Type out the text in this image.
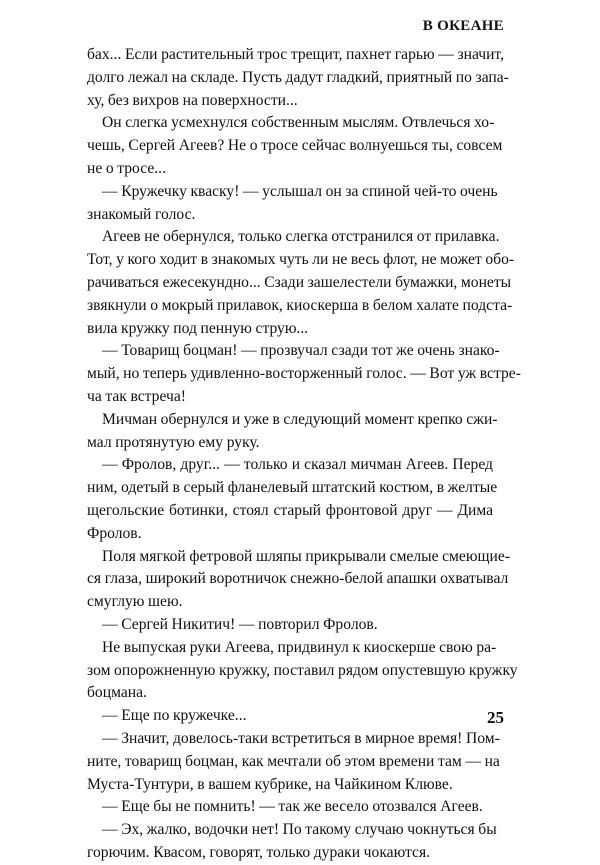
В ОКЕАНЕ
бах... Если растительный трос трещит, пахнет гарью — значит,
долго лежал на складе. Пусть дадут гладкий, приятный по запа-
ху, без вихров на поверхности...
Он слегка усмехнулся собственным мыслям. Отвлечься хо-
чешь, Сергей Агеев? Не о тросе сейчас волнуешься ты, совсем
не о тросе...
— Кружечку кваску! — услышал он за спиной чей-то очень
знакомый голос.
Агеев не обернулся, только слегка отстранился от прилавка.
Тот, у кого ходит в знакомых чуть ли не весь флот, не может обо-
рачиваться ежесекундно... Сзади зашелестели бумажки, монеты
звякнули о мокрый прилавок, киоскерша в белом халате подста-
вила кружку под пенную струю...
— Товарищ боцман! — прозвучал сзади тот же очень знако-
мый, но теперь удивленно-восторженный голос. — Вот уж встре-
ча так встреча!
Мичман обернулся и уже в следующий момент крепко сжи-
мал протянутую ему руку.
— Фролов, друг... — только и сказал мичман Агеев. Перед
ним, одетый в серый фланелевый штатский костюм, в желтые
щегольские ботинки, стоял старый фронтовой друг — Дима
Фролов.
Поля мягкой фетровой шляпы прикрывали смелые смеющие-
ся глаза, широкий воротничок снежно-белой апашки охватывал
смуглую шею.
— Сергей Никитич! — повторил Фролов.
Не выпуская руки Агеева, придвинул к киоскерше свою ра-
зом опорожненную кружку, поставил рядом опустевшую кружку
боцмана.
— Еще по кружечке...
— Значит, довелось-таки встретиться в мирное время! Пом-
ните, товарищ боцман, как мечтали об этом времени там — на
Муста-Тунтури, в вашем кубрике, на Чайкином Клюве.
— Еще бы не помнить! — так же весело отозвался Агеев.
— Эх, жалко, водочки нет! По такому случаю чокнуться бы
горючим. Квасом, говорят, только дураки чокаются.
25
